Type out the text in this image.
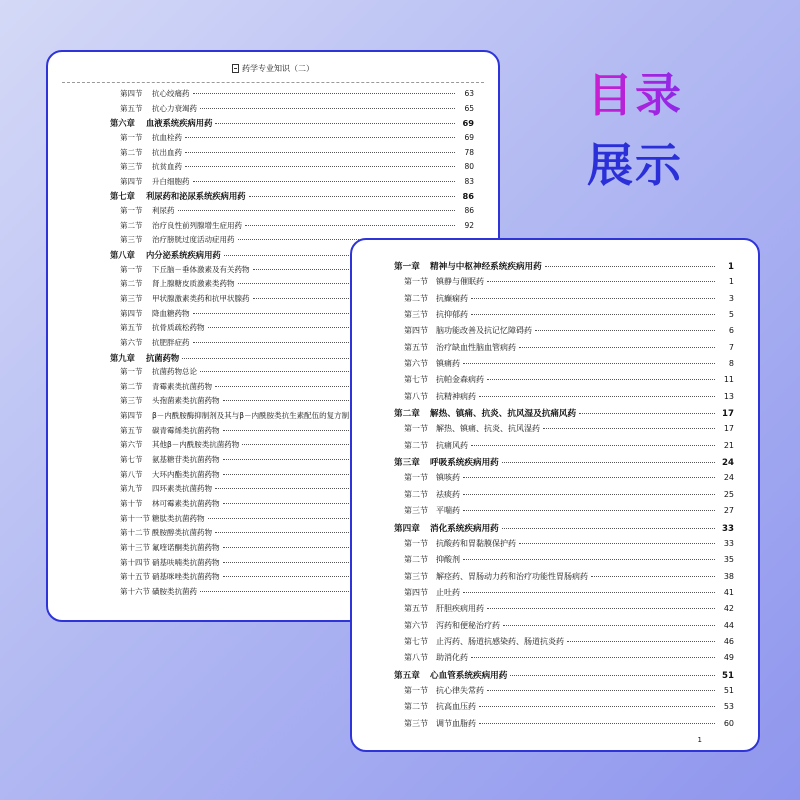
药学专业知识（二）
第四节	抗心绞痛药	63
第五节	抗心力衰竭药	65
第六章	血液系统疾病用药	69
第一节	抗血栓药	69
第二节	抗出血药	78
第三节	抗贫血药	80
第四节	升白细胞药	83
第七章	利尿药和泌尿系统疾病用药	86
第一节	利尿药	86
第二节	治疗良性前列腺增生症用药	92
第三节	治疗膀胱过度活动症用药
第八章	内分泌系统疾病用药
第一节	下丘脑－垂体激素及有关药物
第二节	肾上腺糖皮质激素类药物
第三节	甲状腺激素类药和抗甲状腺药
第四节	降血糖药物
第五节	抗骨质疏松药物
第六节	抗肥胖症药
第九章	抗菌药物
第一节	抗菌药物总论
第二节	青霉素类抗菌药物
第三节	头孢菌素类抗菌药物
第四节	β－内酰胺酶抑制剂及其与β－内酰胺类抗生素配伍的复方制
第五节	碳青霉烯类抗菌药物
第六节	其他β－内酰胺类抗菌药物
第七节	氨基糖苷类抗菌药物
第八节	大环内酯类抗菌药物
第九节	四环素类抗菌药物
第十节	林可霉素类抗菌药物
第十一节 糖肽类抗菌药物
第十二节 酰胺醇类抗菌药物
第十三节 氟喹诺酮类抗菌药物
第十四节 硝基呋喃类抗菌药物
第十五节 硝基咪唑类抗菌药物
第十六节 磺胺类抗菌药
第一章	精神与中枢神经系统疾病用药	1
第一节	镇静与催眠药	1
第二节	抗癫痫药	3
第三节	抗抑郁药	5
第四节	脑功能改善及抗记忆障碍药	6
第五节	治疗缺血性脑血管病药	7
第六节	镇痛药	8
第七节	抗帕金森病药	11
第八节	抗精神病药	13
第二章	解热、镇痛、抗炎、抗风湿及抗痛风药	17
第一节	解热、镇痛、抗炎、抗风湿药	17
第二节	抗痛风药	21
第三章	呼吸系统疾病用药	24
第一节	镇咳药	24
第二节	祛痰药	25
第三节	平喘药	27
第四章	消化系统疾病用药	33
第一节	抗酸药和胃黏膜保护药	33
第二节	抑酸剂	35
第三节	解痉药、胃肠动力药和治疗功能性胃肠病药	38
第四节	止吐药	41
第五节	肝胆疾病用药	42
第六节	泻药和便秘治疗药	44
第七节	止泻药、肠道抗感染药、肠道抗炎药	46
第八节	助消化药	49
第五章	心血管系统疾病用药	51
第一节	抗心律失常药	51
第二节	抗高血压药	53
第三节	调节血脂药	60
1
目录
展示
